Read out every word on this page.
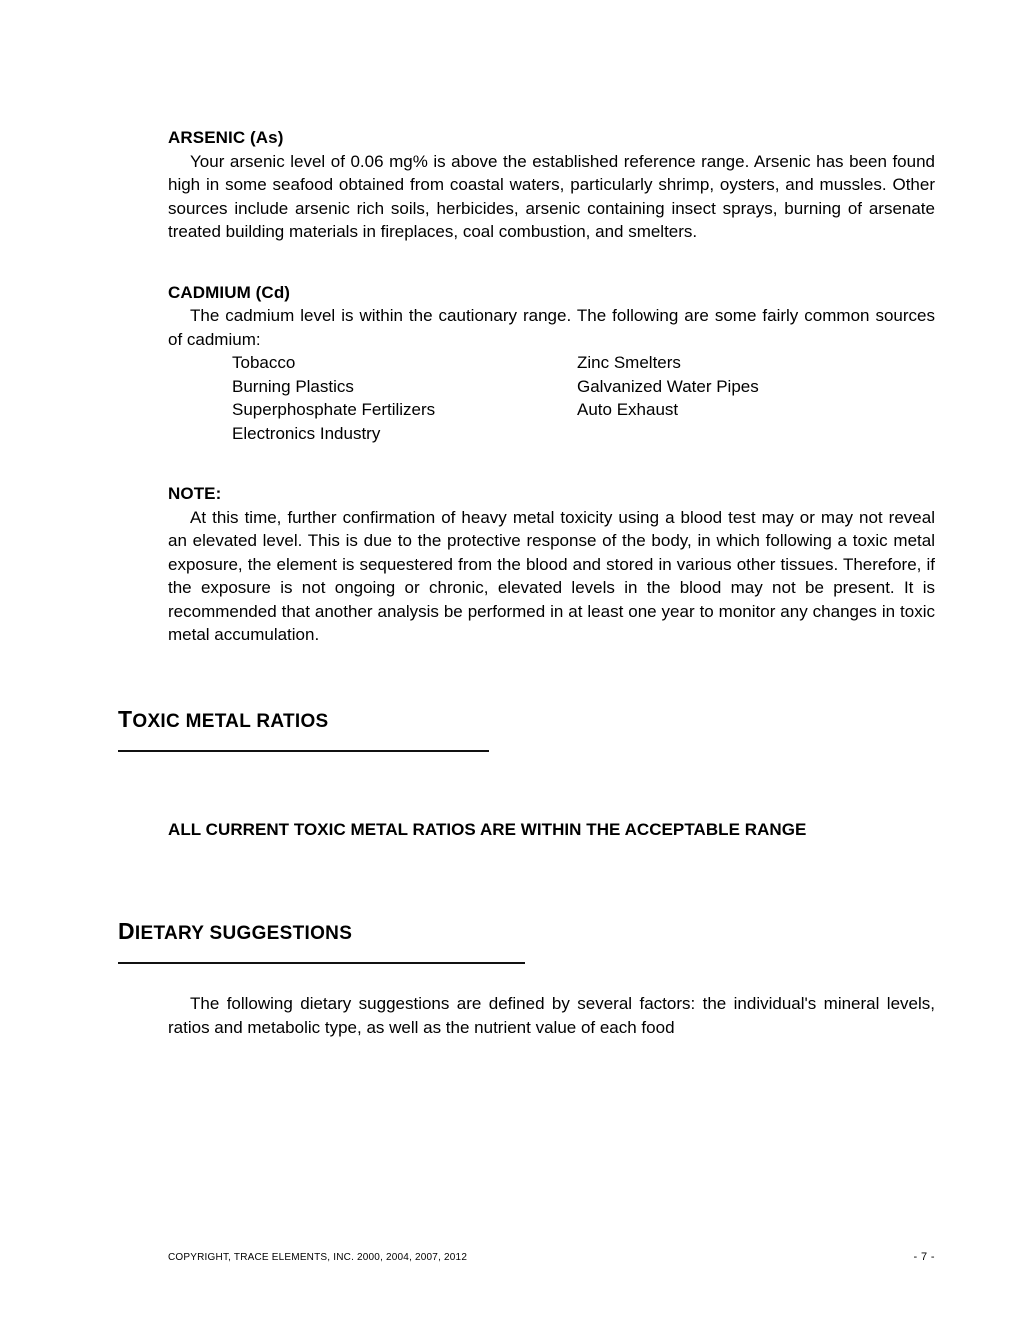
ARSENIC (As)

Your arsenic level of 0.06 mg% is above the established reference range. Arsenic has been found high in some seafood obtained from coastal waters, particularly shrimp, oysters, and mussles. Other sources include arsenic rich soils, herbicides, arsenic containing insect sprays, burning of arsenate treated building materials in fireplaces, coal combustion, and smelters.

CADMIUM (Cd)

The cadmium level is within the cautionary range. The following are some fairly common sources of cadmium:

Tobacco	Zinc Smelters
Burning Plastics	Galvanized Water Pipes
Superphosphate Fertilizers	Auto Exhaust
Electronics Industry
NOTE:

At this time, further confirmation of heavy metal toxicity using a blood test may or may not reveal an elevated level. This is due to the protective response of the body, in which following a toxic metal exposure, the element is sequestered from the blood and stored in various other tissues. Therefore, if the exposure is not ongoing or chronic, elevated levels in the blood may not be present. It is recommended that another analysis be performed in at least one year to monitor any changes in toxic metal accumulation.

TOXIC METAL RATIOS

ALL CURRENT TOXIC METAL RATIOS ARE WITHIN THE ACCEPTABLE RANGE

DIETARY SUGGESTIONS

The following dietary suggestions are defined by several factors: the individual's mineral levels, ratios and metabolic type, as well as the nutrient value of each food

COPYRIGHT, TRACE ELEMENTS, INC. 2000, 2004, 2007, 2012	- 7 -
